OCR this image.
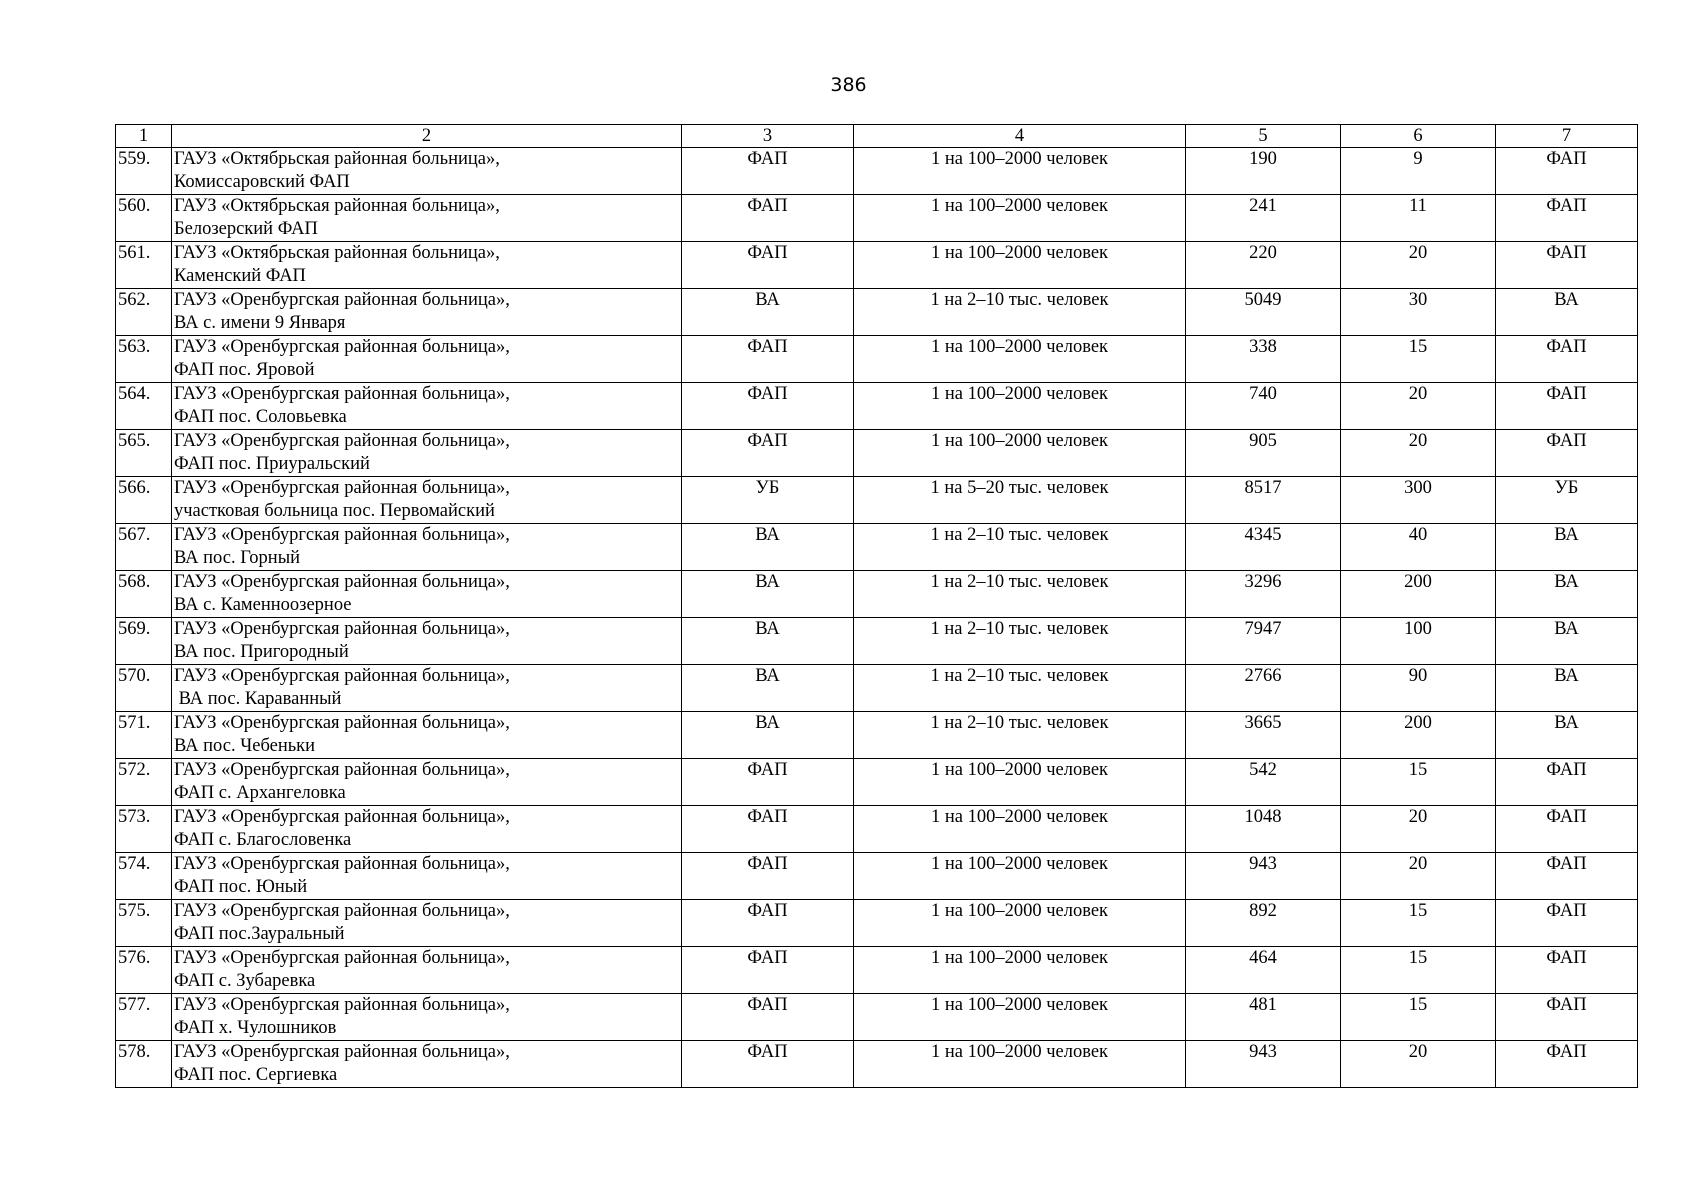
386
1	2	3	4	5	6	7
559.	ГАУЗ «Октябрьская районная больница»,
Комиссаровский ФАП	ФАП	1 на 100–2000 человек	190	9	ФАП
560.	ГАУЗ «Октябрьская районная больница»,
Белозерский ФАП	ФАП	1 на 100–2000 человек	241	11	ФАП
561.	ГАУЗ «Октябрьская районная больница»,
Каменский ФАП	ФАП	1 на 100–2000 человек	220	20	ФАП
562.	ГАУЗ «Оренбургская районная больница»,
ВА с. имени 9 Января	ВА	1 на 2–10 тыс. человек	5049	30	ВА
563.	ГАУЗ «Оренбургская районная больница»,
ФАП пос. Яровой	ФАП	1 на 100–2000 человек	338	15	ФАП
564.	ГАУЗ «Оренбургская районная больница»,
ФАП пос. Соловьевка	ФАП	1 на 100–2000 человек	740	20	ФАП
565.	ГАУЗ «Оренбургская районная больница»,
ФАП пос. Приуральский	ФАП	1 на 100–2000 человек	905	20	ФАП
566.	ГАУЗ «Оренбургская районная больница»,
участковая больница пос. Первомайский	УБ	1 на 5–20 тыс. человек	8517	300	УБ
567.	ГАУЗ «Оренбургская районная больница»,
ВА пос. Горный	ВА	1 на 2–10 тыс. человек	4345	40	ВА
568.	ГАУЗ «Оренбургская районная больница»,
ВА с. Каменноозерное	ВА	1 на 2–10 тыс. человек	3296	200	ВА
569.	ГАУЗ «Оренбургская районная больница»,
ВА пос. Пригородный	ВА	1 на 2–10 тыс. человек	7947	100	ВА
570.	ГАУЗ «Оренбургская районная больница»,
ВА пос. Караванный	ВА	1 на 2–10 тыс. человек	2766	90	ВА
571.	ГАУЗ «Оренбургская районная больница»,
ВА пос. Чебеньки	ВА	1 на 2–10 тыс. человек	3665	200	ВА
572.	ГАУЗ «Оренбургская районная больница»,
ФАП с. Архангеловка	ФАП	1 на 100–2000 человек	542	15	ФАП
573.	ГАУЗ «Оренбургская районная больница»,
ФАП с. Благословенка	ФАП	1 на 100–2000 человек	1048	20	ФАП
574.	ГАУЗ «Оренбургская районная больница»,
ФАП пос. Юный	ФАП	1 на 100–2000 человек	943	20	ФАП
575.	ГАУЗ «Оренбургская районная больница»,
ФАП пос.Зауральный	ФАП	1 на 100–2000 человек	892	15	ФАП
576.	ГАУЗ «Оренбургская районная больница»,
ФАП с. Зубаревка	ФАП	1 на 100–2000 человек	464	15	ФАП
577.	ГАУЗ «Оренбургская районная больница»,
ФАП х. Чулошников	ФАП	1 на 100–2000 человек	481	15	ФАП
578.	ГАУЗ «Оренбургская районная больница»,
ФАП пос. Сергиевка	ФАП	1 на 100–2000 человек	943	20	ФАП
